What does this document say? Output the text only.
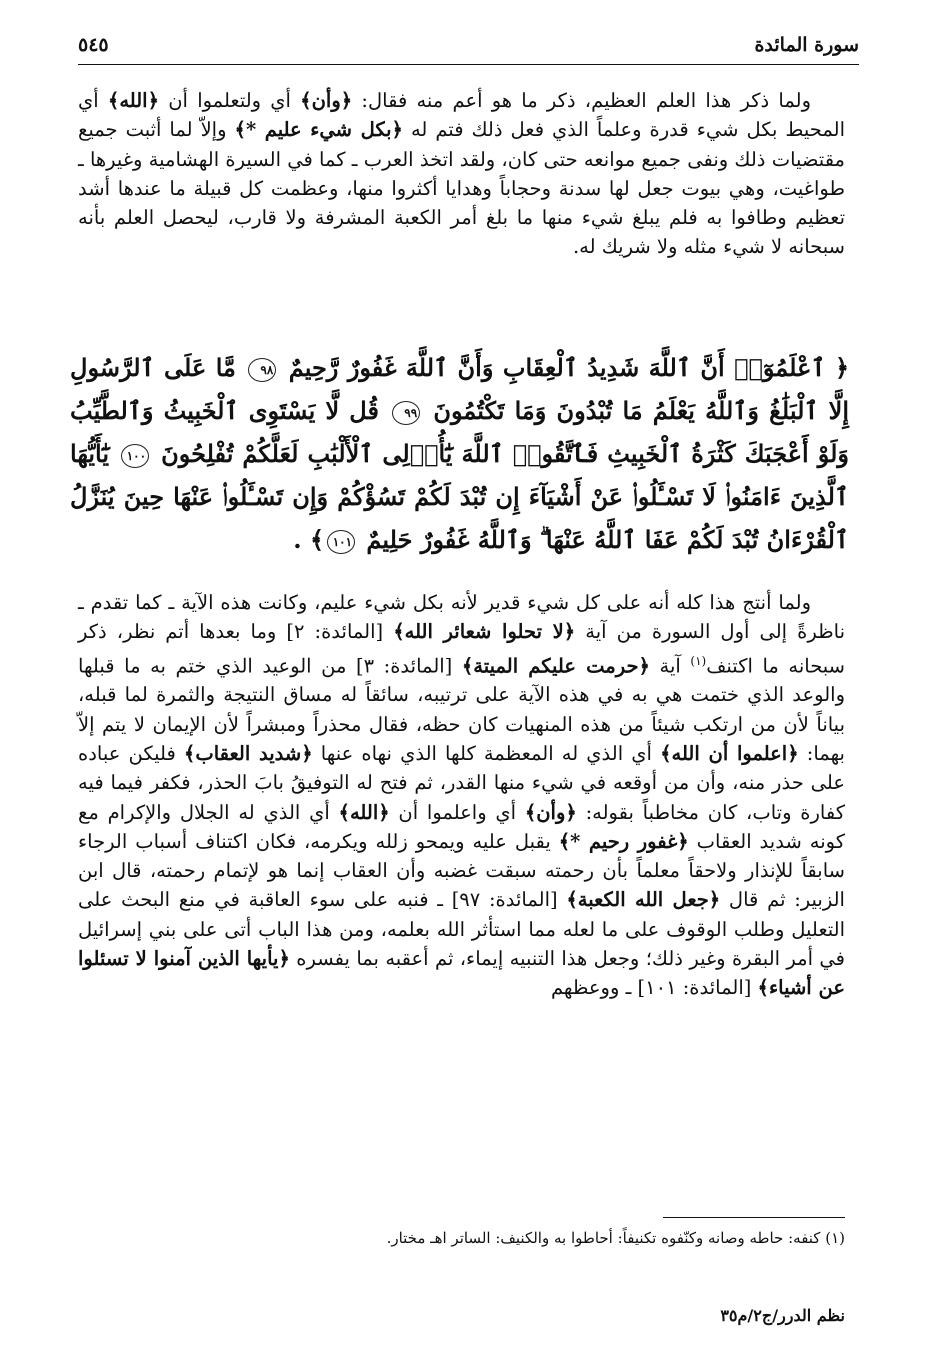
سورة المائدة
٥٤٥

ولما ذكر هذا العلم العظيم، ذكر ما هو أعم منه فقال: ﴿وأن﴾ أي ولتعلموا أن ﴿الله﴾ أي المحيط بكل شيء قدرة وعلماً الذي فعل ذلك فتم له ﴿بكل شيء عليم *﴾ وإلاّ لما أثبت جميع مقتضيات ذلك ونفى جميع موانعه حتى كان، ولقد اتخذ العرب ـ كما في السيرة الهشامية وغيرها ـ طواغيت، وهي بيوت جعل لها سدنة وحجاباً وهدايا أكثروا منها، وعظمت كل قبيلة ما عندها أشد تعظيم وطافوا به فلم يبلغ شيء منها ما بلغ أمر الكعبة المشرفة ولا قارب، ليحصل العلم بأنه سبحانه لا شيء مثله ولا شريك له.

﴿ ٱعْلَمُوٓا۟ أَنَّ ٱللَّهَ شَدِيدُ ٱلْعِقَابِ وَأَنَّ ٱللَّهَ غَفُورٌ رَّحِيمٌ ٩٨ مَّا عَلَى ٱلرَّسُولِ إِلَّا ٱلْبَلَٰغُ وَٱللَّهُ يَعْلَمُ مَا تُبْدُونَ وَمَا تَكْتُمُونَ ٩٩ قُل لَّا يَسْتَوِى ٱلْخَبِيثُ وَٱلطَّيِّبُ وَلَوْ أَعْجَبَكَ كَثْرَةُ ٱلْخَبِيثِ فَٱتَّقُوا۟ ٱللَّهَ يَٰٓأُو۟لِى ٱلْأَلْبَٰبِ لَعَلَّكُمْ تُفْلِحُونَ ١٠٠ يَٰٓأَيُّهَا ٱلَّذِينَ ءَامَنُوا۟ لَا تَسْـَٔلُوا۟ عَنْ أَشْيَآءَ إِن تُبْدَ لَكُمْ تَسُؤْكُمْ وَإِن تَسْـَٔلُوا۟ عَنْهَا حِينَ يُنَزَّلُ ٱلْقُرْءَانُ تُبْدَ لَكُمْ عَفَا ٱللَّهُ عَنْهَا ۗ وَٱللَّهُ غَفُورٌ حَلِيمٌ ١٠١﴾ .

ولما أنتج هذا كله أنه على كل شيء قدير لأنه بكل شيء عليم، وكانت هذه الآية ـ كما تقدم ـ ناظرةً إلى أول السورة من آية ﴿لا تحلوا شعائر الله﴾ [المائدة: ٢] وما بعدها أتم نظر، ذكر سبحانه ما اكتنف$^{(١)}$ آية ﴿حرمت عليكم الميتة﴾ [المائدة: ٣] من الوعيد الذي ختم به ما قبلها والوعد الذي ختمت هي به في هذه الآية على ترتيبه، سائقاً له مساق النتيجة والثمرة لما قبله، بياناً لأن من ارتكب شيئاً من هذه المنهيات كان حظه، فقال محذراً ومبشراً لأن الإيمان لا يتم إلاّ بهما: ﴿اعلموا أن الله﴾ أي الذي له المعظمة كلها الذي نهاه عنها ﴿شديد العقاب﴾ فليكن عباده على حذر منه، وأن من أوقعه في شيء منها القدر، ثم فتح له التوفيقُ بابَ الحذر، فكفر فيما فيه كفارة وتاب، كان مخاطباً بقوله: ﴿وأن﴾ أي واعلموا أن ﴿الله﴾ أي الذي له الجلال والإكرام مع كونه شديد العقاب ﴿غفور رحيم *﴾ يقبل عليه ويمحو زلله ويكرمه، فكان اكتناف أسباب الرجاء سابقاً للإنذار ولاحقاً معلماً بأن رحمته سبقت غضبه وأن العقاب إنما هو لإتمام رحمته، قال ابن الزبير: ثم قال ﴿جعل الله الكعبة﴾ [المائدة: ٩٧] ـ فنبه على سوء العاقبة في منع البحث على التعليل وطلب الوقوف على ما لعله مما استأثر الله بعلمه، ومن هذا الباب أتى على بني إسرائيل في أمر البقرة وغير ذلك؛ وجعل هذا التنبيه إيماء، ثم أعقبه بما يفسره ﴿يأيها الذين آمنوا لا تسئلوا عن أشياء﴾ [المائدة: ١٠١] ـ ووعظهم

(١) كنفه: حاطه وصانه وكنّفوه تكنيفاً: أحاطوا به والكنيف: الساتر اهـ مختار.
نظم الدرر/ج٢/م٣٥
